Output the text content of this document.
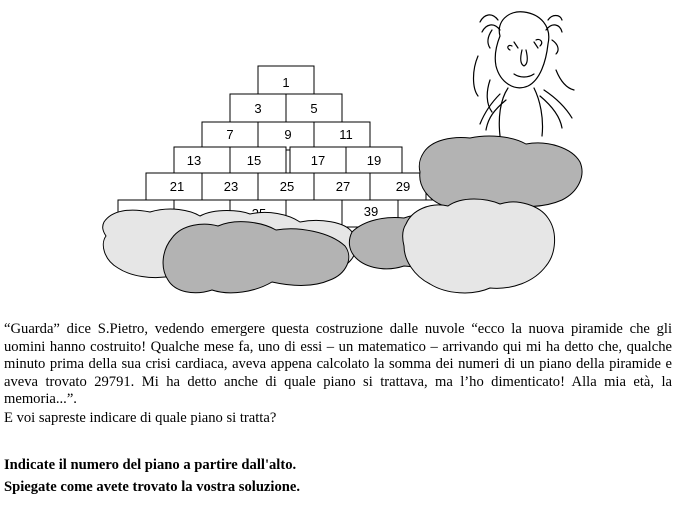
1
3	5
7	9	11
13	15	17	19
21	23	25	27	29
39

“Guarda” dice S.Pietro, vedendo emergere questa costruzione dalle nuvole “ecco la nuova piramide che gli uomini hanno costruito! Qualche mese fa, uno di essi – un matematico – arrivando qui mi ha detto che, qualche minuto prima della sua crisi cardiaca, aveva appena calcolato la somma dei numeri di un piano della piramide e aveva trovato 29791. Mi ha detto anche di quale piano si trattava, ma l’ho dimenticato! Alla mia età, la memoria...”.

E voi sapreste indicare di quale piano si tratta?

Indicate il numero del piano a partire dall'alto.

Spiegate come avete trovato la vostra soluzione.
